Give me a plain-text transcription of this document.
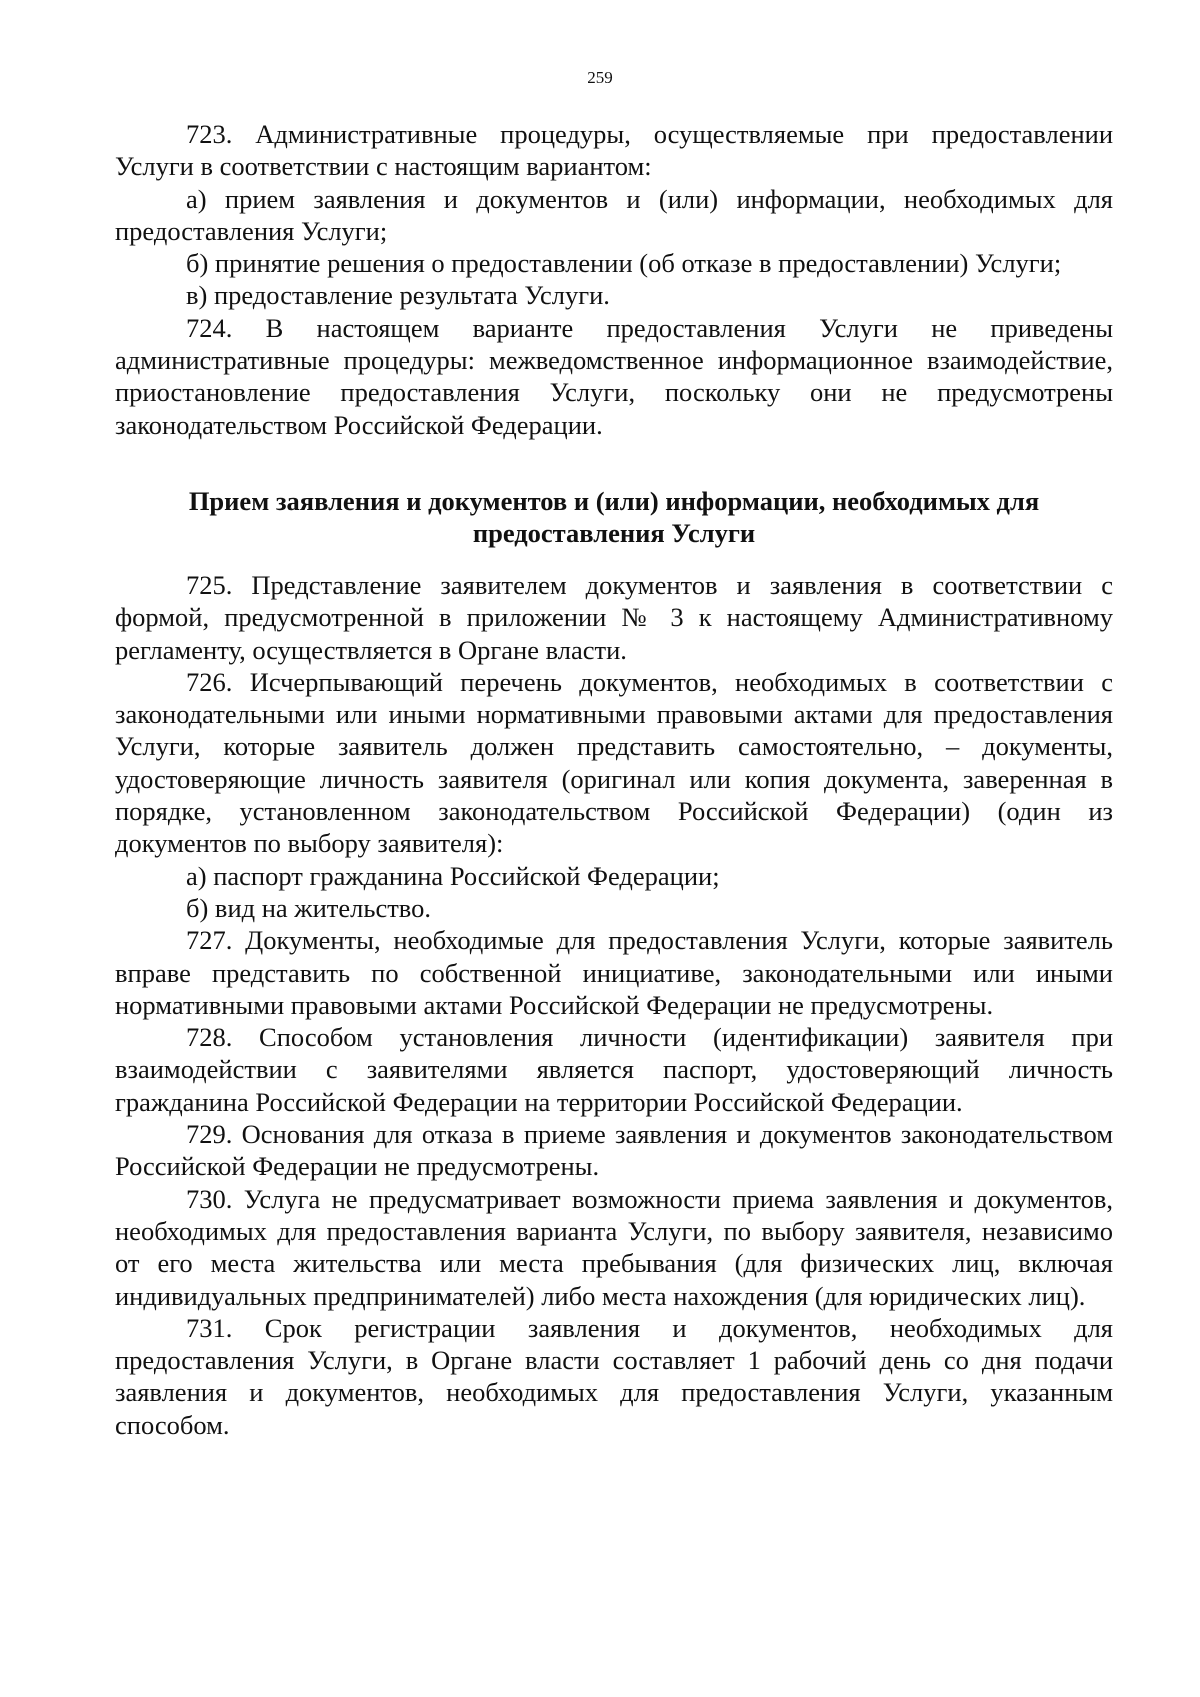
259

723. Административные процедуры, осуществляемые при предоставлении Услуги в соответствии с настоящим вариантом:

а) прием заявления и документов и (или) информации, необходимых для предоставления Услуги;

б) принятие решения о предоставлении (об отказе в предоставлении) Услуги;

в) предоставление результата Услуги.

724. В настоящем варианте предоставления Услуги не приведены административные процедуры: межведомственное информационное взаимодействие, приостановление предоставления Услуги, поскольку они не предусмотрены законодательством Российской Федерации.

Прием заявления и документов и (или) информации, необходимых для предоставления Услуги

725. Представление заявителем документов и заявления в соответствии с формой, предусмотренной в приложении № 3 к настоящему Административному регламенту, осуществляется в Органе власти.

726. Исчерпывающий перечень документов, необходимых в соответствии с законодательными или иными нормативными правовыми актами для предоставления Услуги, которые заявитель должен представить самостоятельно, – документы, удостоверяющие личность заявителя (оригинал или копия документа, заверенная в порядке, установленном законодательством Российской Федерации) (один из документов по выбору заявителя):

а) паспорт гражданина Российской Федерации;

б) вид на жительство.

727. Документы, необходимые для предоставления Услуги, которые заявитель вправе представить по собственной инициативе, законодательными или иными нормативными правовыми актами Российской Федерации не предусмотрены.

728. Способом установления личности (идентификации) заявителя при взаимодействии с заявителями является паспорт, удостоверяющий личность гражданина Российской Федерации на территории Российской Федерации.

729. Основания для отказа в приеме заявления и документов законодательством Российской Федерации не предусмотрены.

730. Услуга не предусматривает возможности приема заявления и документов, необходимых для предоставления варианта Услуги, по выбору заявителя, независимо от его места жительства или места пребывания (для физических лиц, включая индивидуальных предпринимателей) либо места нахождения (для юридических лиц).

731. Срок регистрации заявления и документов, необходимых для предоставления Услуги, в Органе власти составляет 1 рабочий день со дня подачи заявления и документов, необходимых для предоставления Услуги, указанным способом.
